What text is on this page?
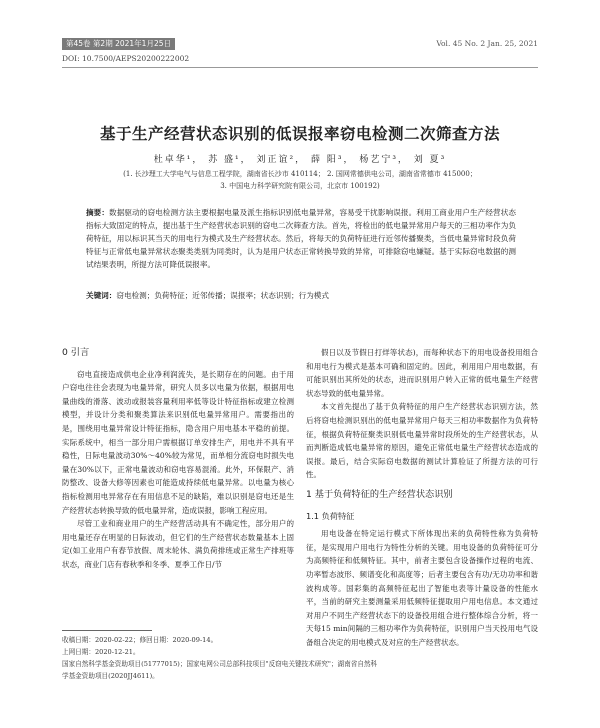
第45卷 第2期 2021年1月25日	Vol. 45 No. 2 Jan. 25, 2021
DOI: 10.7500/AEPS20200222002
基于生产经营状态识别的低误报率窃电检测二次筛查方法
杜卓华¹， 苏 盛¹， 刘正谊²， 薛 阳³， 杨艺宁³， 刘 夏³
(1. 长沙理工大学电气与信息工程学院，湖南省长沙市 410114； 2. 国网常德供电公司，湖南省常德市 415000；
3. 中国电力科学研究院有限公司，北京市 100192)
摘要：数据驱动的窃电检测方法主要根据电量及派生指标识别低电量异常，容易受干扰影响误报。利用工商业用户生产经营状态指标大致固定的特点，提出基于生产经营状态识别的窃电二次筛查方法。首先，将检出的低电量异常用户每天的三相功率作为负荷特征，用以标识其当天的用电行为模式及生产经营状态。然后，将每天的负荷特征进行近邻传播聚类，当低电量异常时段负荷特征与正常低电量异常状态聚类类别为同类时，认为是用户状态正常转换导致的异常，可排除窃电嫌疑。基于实际窃电数据的测试结果表明，所提方法可降低误报率。
关键词：窃电检测；负荷特征；近邻传播；误报率；状态识别；行为模式
0 引言

窃电直接造成供电企业净利润流失，是长期存在的问题。由于用户窃电往往会表现为电量异常，研究人员多以电量为依据，根据用电量曲线的滑落、波动或报装容量利用率低等设计特征指标或建立检测模型，并设计分类和聚类算法来识别低电量异常用户。需要指出的是，围绕用电量异常设计特征指标，隐含用户用电基本平稳的前提。实际系统中，相当一部分用户需根据订单安排生产，用电并不具有平稳性，日际电量波动30%～40%较为常见，而单相分流窃电时损失电量在30%以下，正常电量波动和窃电容易混淆。此外，环保限产、消防整改、设备大修等因素也可能造成持续低电量异常。以电量为核心指标检测用电异常存在有用信息不足的缺陷，难以识别是窃电还是生产经营状态转换导致的低电量异常，造成误报，影响工程应用。

尽管工业和商业用户的生产经营活动具有不确定性，部分用户的用电量还存在明显的日际波动，但它们的生产经营状态数量基本上固定(如工业用户有春节放假、周末轮休、满负荷排班或正常生产排班等状态，商业门店有春秋季和冬季、夏季工作日/节

假日以及节假日打烊等状态)，而每种状态下的用电设备投用组合和用电行为模式是基本可确和固定的。因此，利用用户用电数据，有可能识别出其所处的状态，进而识别用户转入正常的低电量生产经营状态导致的低电量异常。

本文首先提出了基于负荷特征的用户生产经营状态识别方法，然后将窃电检测识别出的低电量异常用户每天三相功率数据作为负荷特征，根据负荷特征聚类识别低电量异常时段所处的生产经营状态，从而判断造成低电量异常的原因，避免正常低电量生产经营状态造成的误报。最后，结合实际窃电数据的测试计算验证了所提方法的可行性。

1 基于负荷特征的生产经营状态识别
1.1 负荷特征

用电设备在特定运行模式下所体现出来的负荷特性称为负荷特征，是实现用户用电行为特性分析的关键。用电设备的负荷特征可分为高频特征和低频特征。其中，前者主要包含设备操作过程的电流、功率暂态波形、频谱变化和高度等；后者主要包含有功/无功功率和谐波构成等。国彩集的高频特征起出了智能电表等计量设备的性能水平，当前的研究主要测量采用低频特征提取用户用电信息。本文通过对用户不同生产经营状态下的设备投用组合进行整体综合分析，将一天每15 min间隔的三相功率作为负荷特征，识别用户当天投用电气设备组合决定的用电模式及对应的生产经营状态。

收稿日期：2020-02-22；修回日期：2020-09-14。
上网日期：2020-12-21。
国家自然科学基金资助项目(51777015)；国家电网公司总部科技项目"反窃电关键技术研究"；湖南省自然科
学基金资助项目(2020JJ4611)。
